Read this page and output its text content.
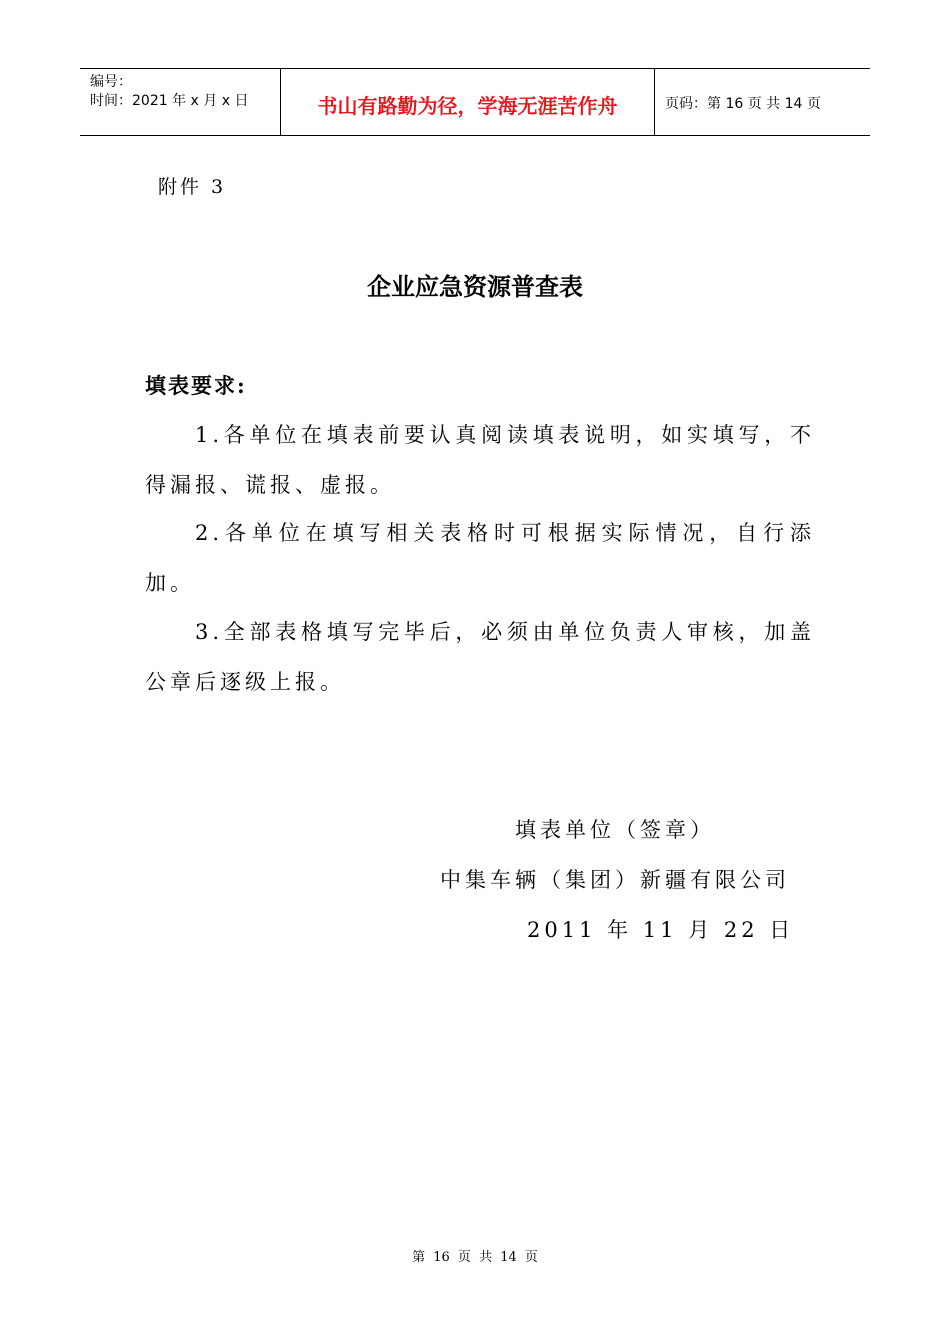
编号：
时间：2021 年 x 月 x 日	书山有路勤为径，学海无涯苦作舟	页码：第 16 页 共 14 页
附件 3
企业应急资源普查表
填表要求:
1.各单位在填表前要认真阅读填表说明，如实填写，不得漏报、谎报、虚报。
2.各单位在填写相关表格时可根据实际情况，自行添加。
3.全部表格填写完毕后，必须由单位负责人审核，加盖公章后逐级上报。
填表单位（签章）
中集车辆（集团）新疆有限公司
2011 年 11 月 22 日
第 16 页 共 14 页
